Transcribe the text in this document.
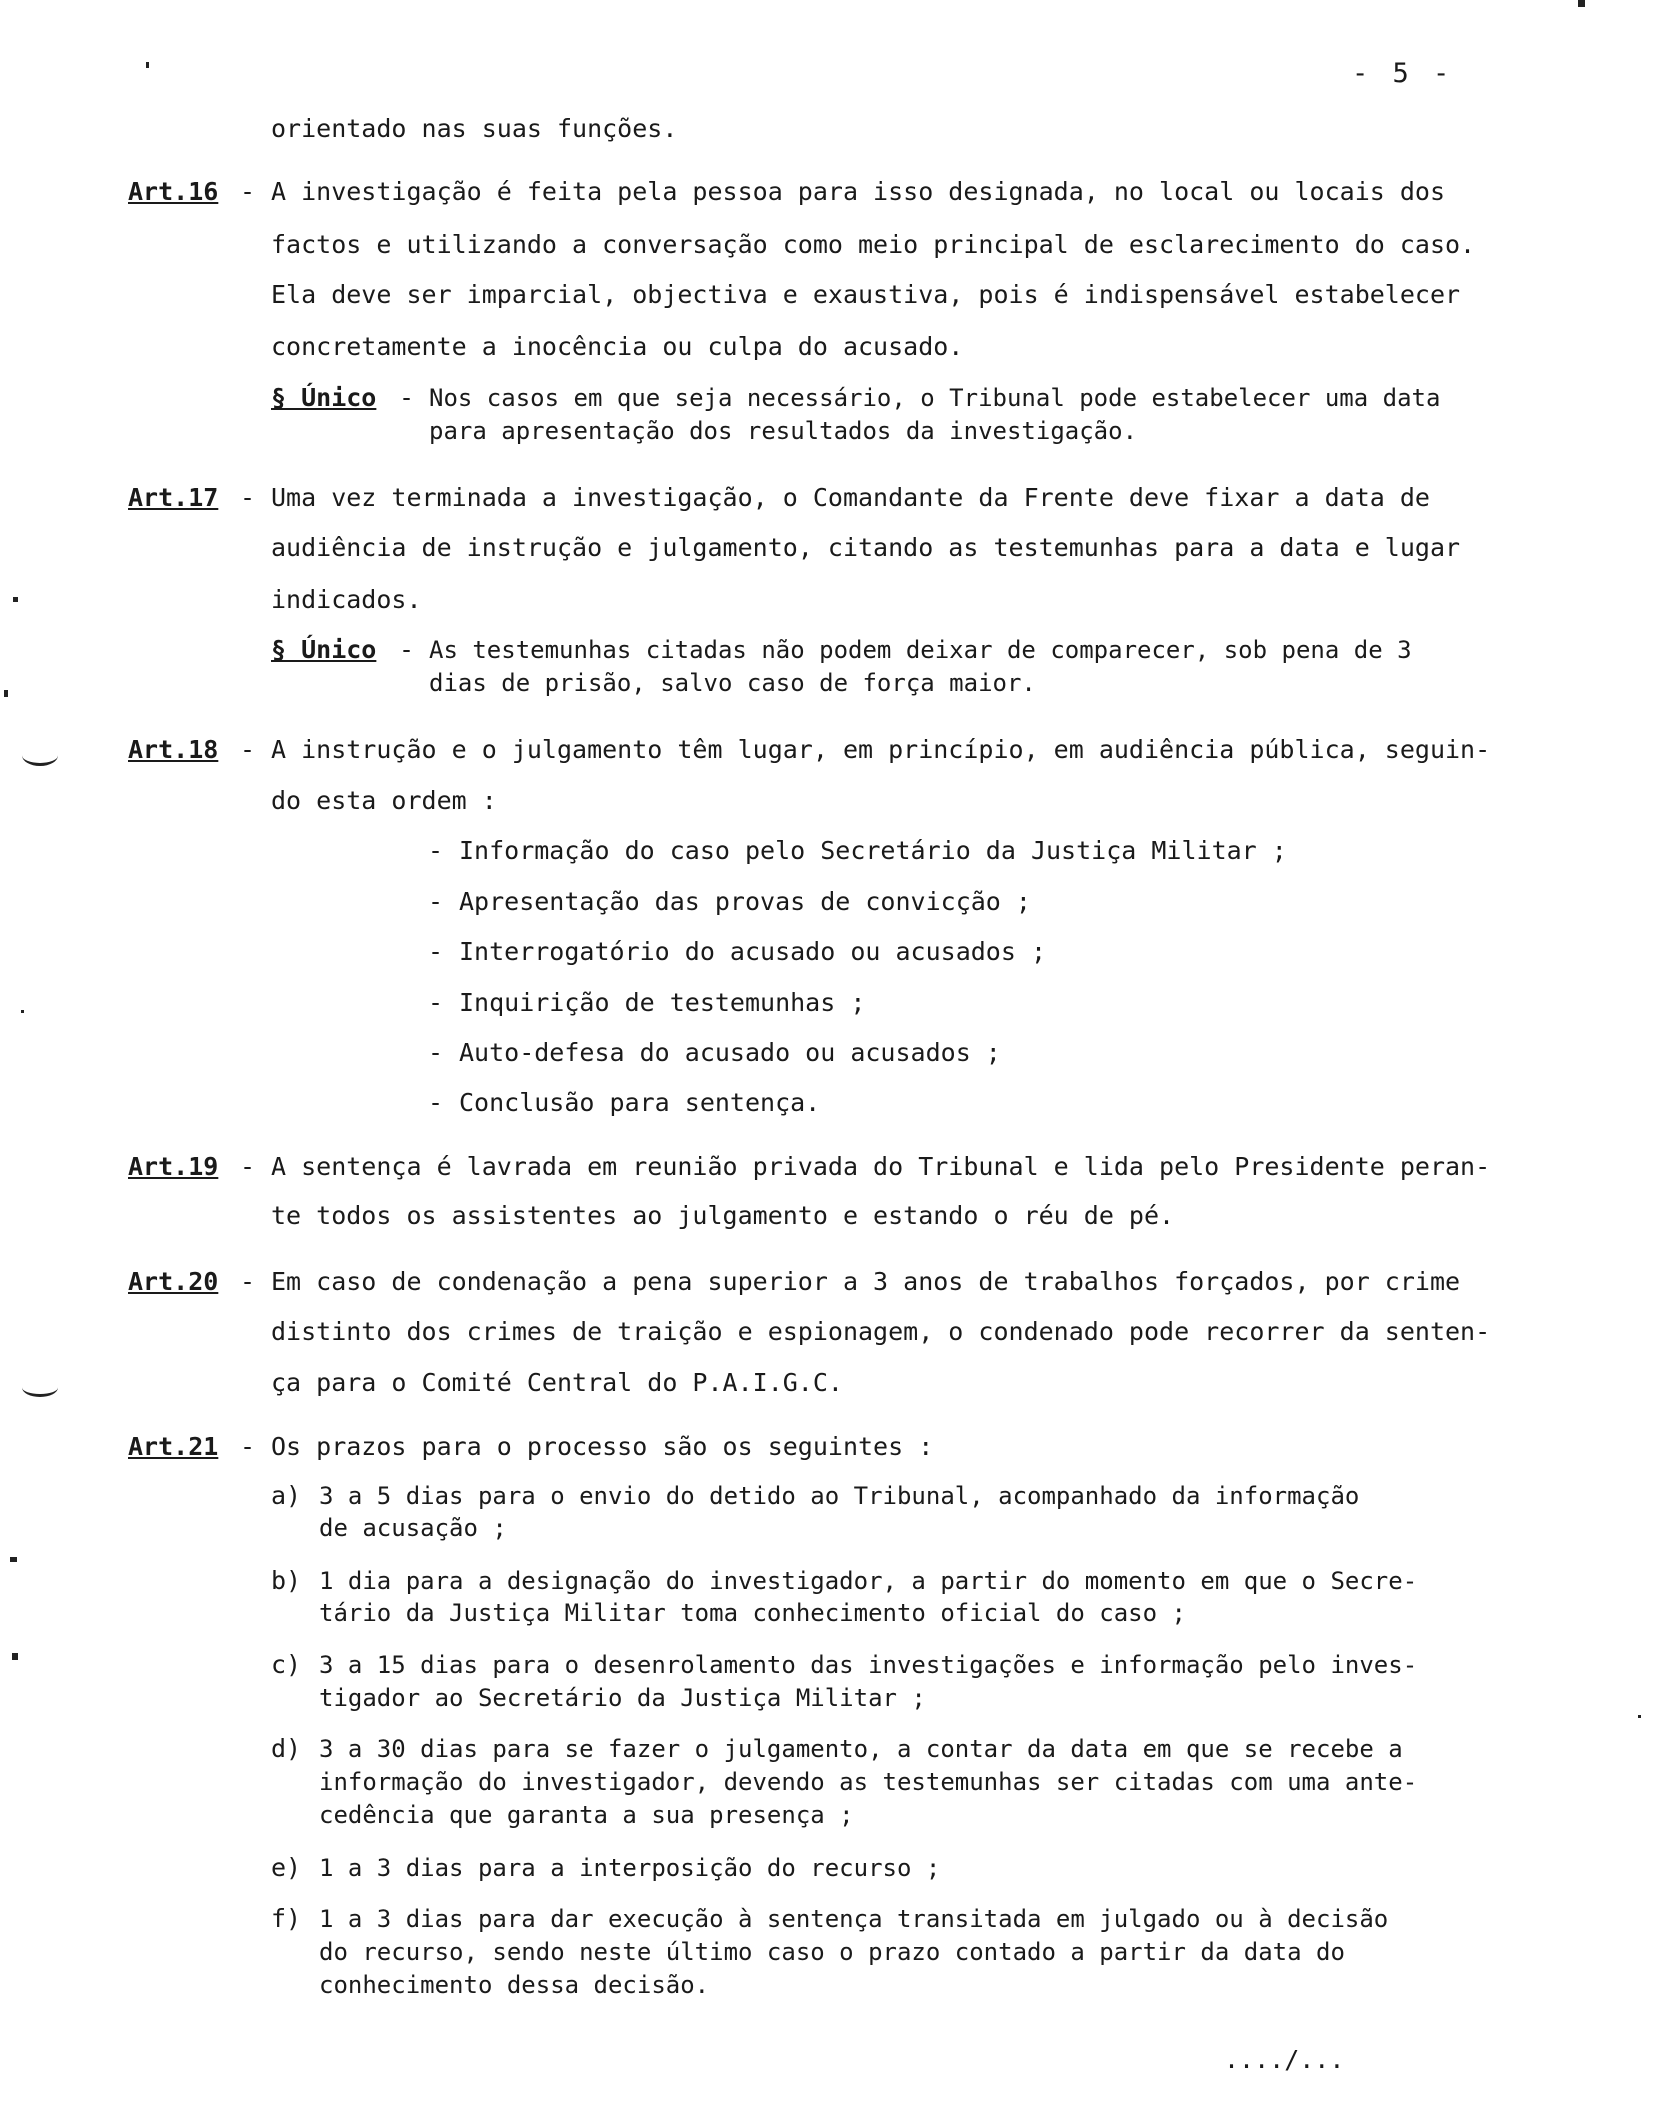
- 5 -
orientado nas suas funções.
Art.16 - A investigação é feita pela pessoa para isso designada, no local ou locais dos
factos e utilizando a conversação como meio principal de esclarecimento do caso.
Ela deve ser imparcial, objectiva e exaustiva, pois é indispensável estabelecer
concretamente a inocência ou culpa do acusado.
§ Único - Nos casos em que seja necessário, o Tribunal pode estabelecer uma data
para apresentação dos resultados da investigação.
Art.17 - Uma vez terminada a investigação, o Comandante da Frente deve fixar a data de
audiência de instrução e julgamento, citando as testemunhas para a data e lugar
indicados.
§ Único - As testemunhas citadas não podem deixar de comparecer, sob pena de 3
dias de prisão, salvo caso de força maior.
Art.18 - A instrução e o julgamento têm lugar, em princípio, em audiência pública, seguin-
do esta ordem :
- Informação do caso pelo Secretário da Justiça Militar ;
- Apresentação das provas de convicção ;
- Interrogatório do acusado ou acusados ;
- Inquirição de testemunhas ;
- Auto-defesa do acusado ou acusados ;
- Conclusão para sentença.
Art.19 - A sentença é lavrada em reunião privada do Tribunal e lida pelo Presidente peran-
te todos os assistentes ao julgamento e estando o réu de pé.
Art.20 - Em caso de condenação a pena superior a 3 anos de trabalhos forçados, por crime
distinto dos crimes de traição e espionagem, o condenado pode recorrer da senten-
ça para o Comité Central do P.A.I.G.C.
Art.21 - Os prazos para o processo são os seguintes :
a) 3 a 5 dias para o envio do detido ao Tribunal, acompanhado da informação
de acusação ;
b) 1 dia para a designação do investigador, a partir do momento em que o Secre-
tário da Justiça Militar toma conhecimento oficial do caso ;
c) 3 a 15 dias para o desenrolamento das investigações e informação pelo inves-
tigador ao Secretário da Justiça Militar ;
d) 3 a 30 dias para se fazer o julgamento, a contar da data em que se recebe a
informação do investigador, devendo as testemunhas ser citadas com uma ante-
cedência que garanta a sua presença ;
e) 1 a 3 dias para a interposição do recurso ;
f) 1 a 3 dias para dar execução à sentença transitada em julgado ou à decisão
do recurso, sendo neste último caso o prazo contado a partir da data do
conhecimento dessa decisão.
..../...
